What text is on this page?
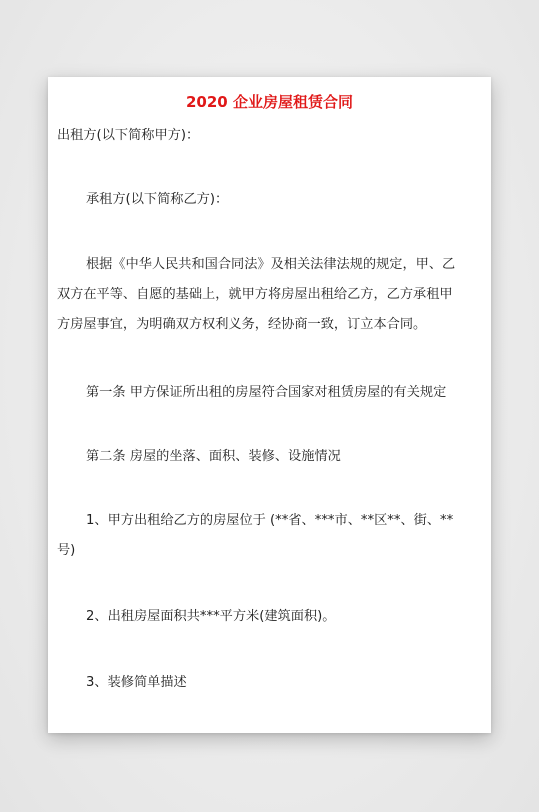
2020 企业房屋租赁合同

出租方(以下简称甲方)：

承租方(以下简称乙方)：

根据《中华人民共和国合同法》及相关法律法规的规定，甲、乙
双方在平等、自愿的基础上，就甲方将房屋出租给乙方，乙方承租甲
方房屋事宜，为明确双方权利义务，经协商一致，订立本合同。

第一条 甲方保证所出租的房屋符合国家对租赁房屋的有关规定

第二条 房屋的坐落、面积、装修、设施情况

1、甲方出租给乙方的房屋位于 (**省、***市、**区**、街、**
号)

2、出租房屋面积共***平方米(建筑面积)。

3、装修简单描述
